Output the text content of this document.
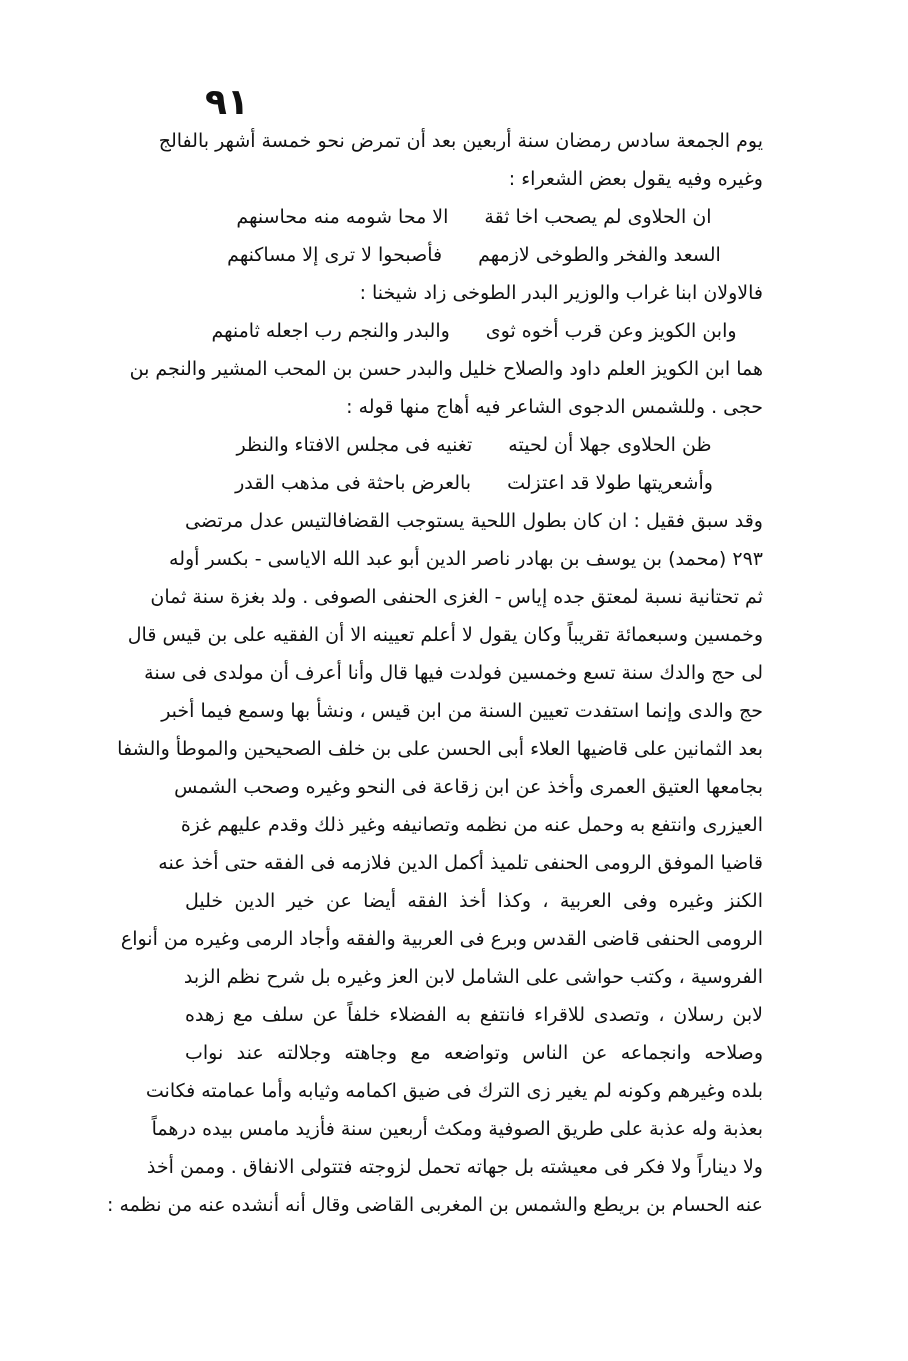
٩١
يوم الجمعة سادس رمضان سنة أربعين بعد أن تمرض نحو خمسة أشهر بالفالج
وغيره وفيه يقول بعض الشعراء :
ان الحلاوى لم يصحب اخا ثقة
الا محا شومه منه محاسنهم
السعد والفخر والطوخى لازمهم
فأصبحوا لا ترى إلا مساكنهم
فالاولان ابنا غراب والوزير البدر الطوخى زاد شيخنا :
وابن الكويز وعن قرب أخوه ثوى
والبدر والنجم رب اجعله ثامنهم
هما ابن الكويز العلم داود والصلاح خليل والبدر حسن بن المحب المشير والنجم بن
حجى . وللشمس الدجوى الشاعر فيه أهاج منها قوله :
ظن الحلاوى جهلا أن لحيته
تغنيه فى مجلس الافتاء والنظر
وأشعريتها طولا قد اعتزلت
بالعرض باحثة فى مذهب القدر
وقد سبق فقيل : ان كان بطول اللحية يستوجب القضافالتيس عدل مرتضى
٢٩٣ (محمد) بن يوسف بن بهادر ناصر الدين أبو عبد الله الاياسى - بكسر أوله
ثم تحتانية نسبة لمعتق جده إياس - الغزى الحنفى الصوفى . ولد بغزة سنة ثمان
وخمسين وسبعمائة تقريباً وكان يقول لا أعلم تعيينه الا أن الفقيه على بن قيس قال
لى حج والدك سنة تسع وخمسين فولدت فيها قال وأنا أعرف أن مولدى فى سنة
حج والدى وإنما استفدت تعيين السنة من ابن قيس ، ونشأ بها وسمع فيما أخبر
بعد الثمانين على قاضيها العلاء أبى الحسن على بن خلف الصحيحين والموطأ والشفا
بجامعها العتيق العمرى وأخذ عن ابن زقاعة فى النحو وغيره وصحب الشمس
العيزرى وانتفع به وحمل عنه من نظمه وتصانيفه وغير ذلك وقدم عليهم غزة
قاضيا الموفق الرومى الحنفى تلميذ أكمل الدين فلازمه فى الفقه حتى أخذ عنه
الكنز وغيره وفى العربية ، وكذا أخذ الفقه أيضا عن خير الدين خليل
الرومى الحنفى قاضى القدس وبرع فى العربية والفقه وأجاد الرمى وغيره من أنواع
الفروسية ، وكتب حواشى على الشامل لابن العز وغيره بل شرح نظم الزبد
لابن رسلان ، وتصدى للاقراء فانتفع به الفضلاء خلفاً عن سلف مع زهده
وصلاحه وانجماعه عن الناس وتواضعه مع وجاهته وجلالته عند نواب
بلده وغيرهم وكونه لم يغير زى الترك فى ضيق اكمامه وثيابه وأما عمامته فكانت
بعذبة وله عذبة على طريق الصوفية ومكث أربعين سنة فأزيد مامس بيده درهماً
ولا ديناراً ولا فكر فى معيشته بل جهاته تحمل لزوجته فتتولى الانفاق . وممن أخذ
عنه الحسام بن بريطع والشمس بن المغربى القاضى وقال أنه أنشده عنه من نظمه :
